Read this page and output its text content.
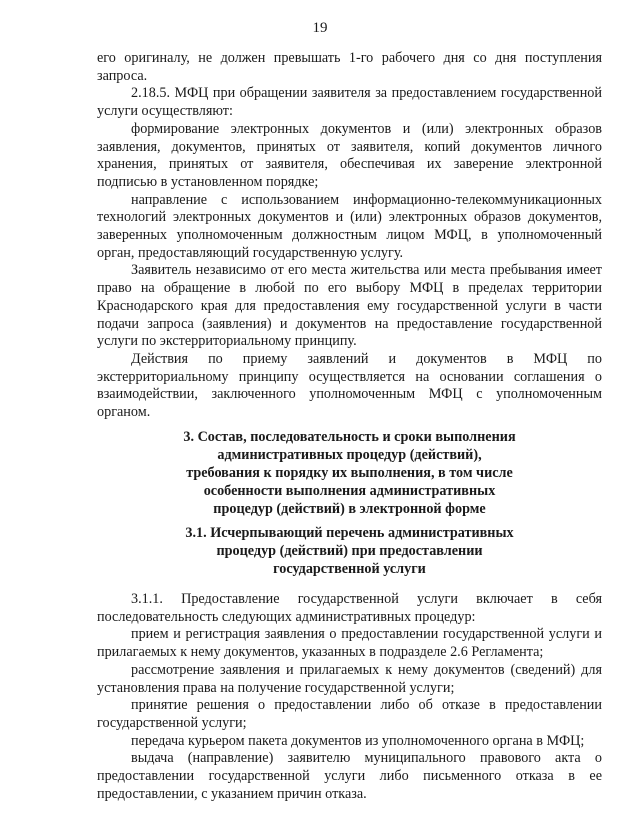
19

его оригиналу, не должен превышать 1-го рабочего дня со дня поступления запроса.

2.18.5. МФЦ при обращении заявителя за предоставлением государственной услуги осуществляют:

формирование электронных документов и (или) электронных образов заявления, документов, принятых от заявителя, копий документов личного хранения, принятых от заявителя, обеспечивая их заверение электронной подписью в установленном порядке;

направление с использованием информационно-телекоммуникационных технологий электронных документов и (или) электронных образов документов, заверенных уполномоченным должностным лицом МФЦ, в уполномоченный орган, предоставляющий государственную услугу.

Заявитель независимо от его места жительства или места пребывания имеет право на обращение в любой по его выбору МФЦ в пределах территории Краснодарского края для предоставления ему государственной услуги в части подачи запроса (заявления) и документов на предоставление государственной услуги по экстерриториальному принципу.

Действия по приему заявлений и документов в МФЦ по экстерриториальному принципу осуществляется на основании соглашения о взаимодействии, заключенного уполномоченным МФЦ с уполномоченным органом.

3. Состав, последовательность и сроки выполнения
административных процедур (действий),
требования к порядку их выполнения, в том числе
особенности выполнения административных
процедур (действий) в электронной форме
3.1. Исчерпывающий перечень административных
процедур (действий) при предоставлении
государственной услуги

3.1.1. Предоставление государственной услуги включает в себя последовательность следующих административных процедур:

прием и регистрация заявления о предоставлении государственной услуги и прилагаемых к нему документов, указанных в подразделе 2.6 Регламента;

рассмотрение заявления и прилагаемых к нему документов (сведений) для установления права на получение государственной услуги;

принятие решения о предоставлении либо об отказе в предоставлении государственной услуги;

передача курьером пакета документов из уполномоченного органа в МФЦ;

выдача (направление) заявителю муниципального правового акта о предоставлении государственной услуги либо письменного отказа в ее предоставлении, с указанием причин отказа.
